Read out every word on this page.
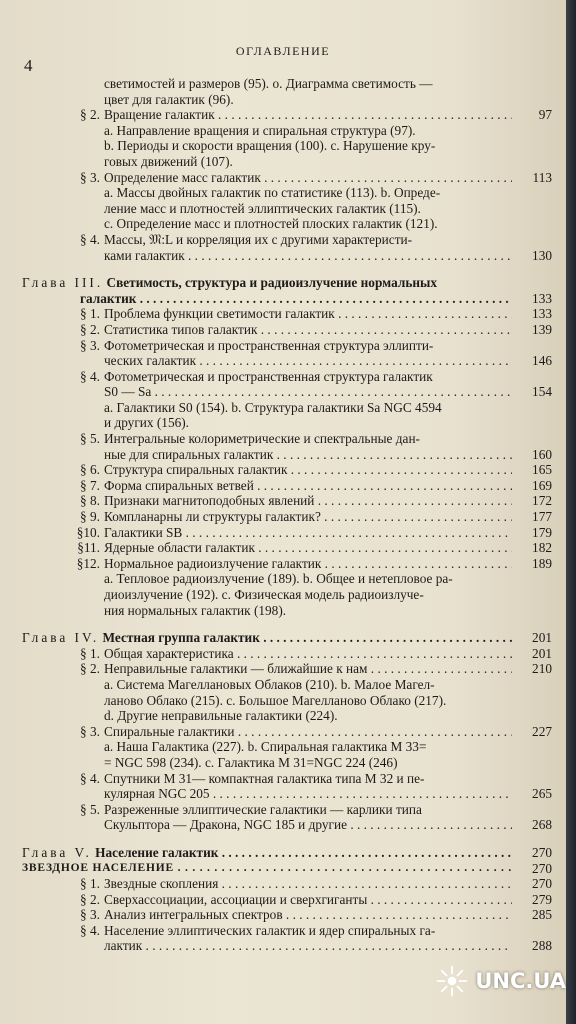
4
ОГЛАВЛЕНИЕ
светимостей и размеров (95). о. Диаграмма светимость —
цвет для галактик (96).
§ 2. Вращение галактик . . .	97
a. Направление вращения и спиральная структура (97).
b. Периоды и скорости вращения (100). с. Нарушение кру-
говых движений (107).
§ 3. Определение масс галактик . . .	113
a. Массы двойных галактик по статистике (113). b. Опреде-
ление масс и плотностей эллиптических галактик (115).
c. Определение масс и плотностей плоских галактик (121).
§ 4. Массы, 𝔐:L и корреляция их с другими характеристи-
ками галактик . . .	130
Глава III. Светимость, структура и радиоизлучение нормальных
галактик . . .	133
§ 1. Проблема функции светимости галактик . . .	133
§ 2. Статистика типов галактик . . .	139
§ 3. Фотометрическая и пространственная структура эллипти-
ческих галактик . . .	146
§ 4. Фотометрическая и пространственная структура галактик
S0 — Sa . . .	154
a. Галактики S0 (154). b. Структура галактики Sa NGC 4594
и других (156).
§ 5. Интегральные колориметрические и спектральные дан-
ные для спиральных галактик . . .	160
§ 6. Структура спиральных галактик . . .	165
§ 7. Форма спиральных ветвей . . .	169
§ 8. Признаки магнитоподобных явлений . . .	172
§ 9. Компланарны ли структуры галактик? . . .	177
§10. Галактики SB . . .	179
§11. Ядерные области галактик . . .	182
§12. Нормальное радиоизлучение галактик . . .	189
a. Тепловое радиоизлучение (189). b. Общее и нетепловое ра-
диоизлучение (192). с. Физическая модель радиоизлуче-
ния нормальных галактик (198).
Глава IV. Местная группа галактик . . .	201
§ 1. Общая характеристика . . .	201
§ 2. Неправильные галактики — ближайшие к нам . . .	210
a. Система Магеллановых Облаков (210). b. Малое Магел-
ланово Облако (215). с. Большое Магелланово Облако (217).
d. Другие неправильные галактики (224).
§ 3. Спиральные галактики . . .	227
a. Наша Галактика (227). b. Спиральная галактика M 33=
= NGC 598 (234). c. Галактика M 31=NGC 224 (246)
§ 4. Спутники M 31— компактная галактика типа M 32 и пе-
кулярная NGC 205 . . .	265
§ 5. Разреженные эллиптические галактики — карлики типа
Скульптора — Дракона, NGC 185 и другие . . .	268
Глава V. Население галактик . . .	270
ЗВЕЗДНОЕ НАСЕЛЕНИЕ . . .	270
§ 1. Звездные скопления . . .	270
§ 2. Сверхассоциации, ассоциации и сверхгиганты . . .	279
§ 3. Анализ интегральных спектров . . .	285
§ 4. Население эллиптических галактик и ядер спиральных га-
лактик . . .	288
UNC.UA
